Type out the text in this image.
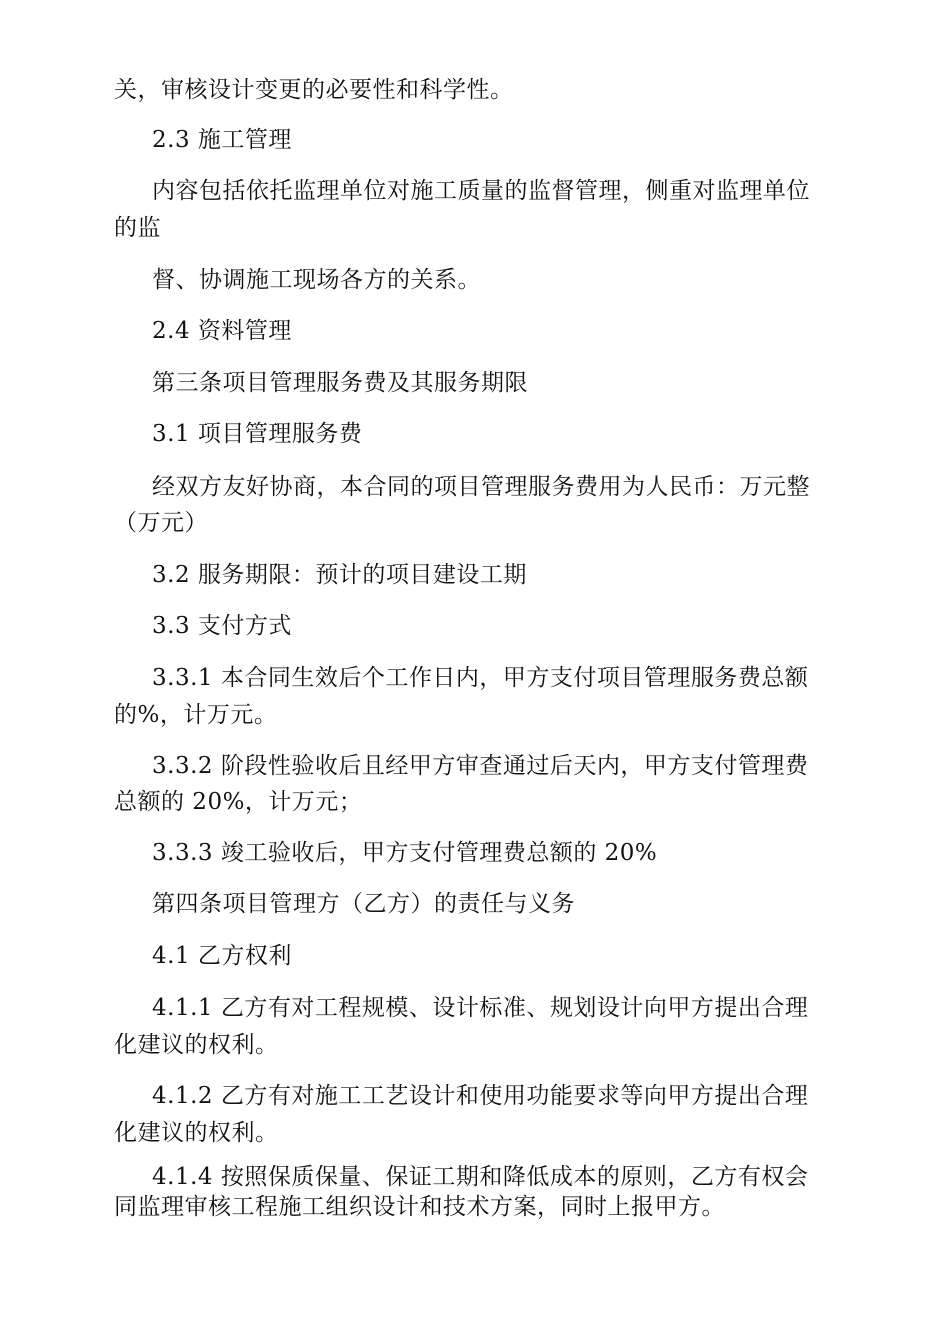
关，审核设计变更的必要性和科学性。

2.3 施工管理

内容包括依托监理单位对施工质量的监督管理，侧重对监理单位

的监

督、协调施工现场各方的关系。

2.4 资料管理

第三条项目管理服务费及其服务期限

3.1 项目管理服务费

经双方友好协商，本合同的项目管理服务费用为人民币：万元整

（万元）

3.2 服务期限：预计的项目建设工期

3.3 支付方式

3.3.1 本合同生效后个工作日内，甲方支付项目管理服务费总额

的%，计万元。

3.3.2 阶段性验收后且经甲方审查通过后天内，甲方支付管理费

总额的 20%，计万元；

3.3.3 竣工验收后，甲方支付管理费总额的 20%

第四条项目管理方（乙方）的责任与义务

4.1 乙方权利

4.1.1 乙方有对工程规模、设计标准、规划设计向甲方提出合理

化建议的权利。

4.1.2 乙方有对施工工艺设计和使用功能要求等向甲方提出合理

化建议的权利。

4.1.4 按照保质保量、保证工期和降低成本的原则，乙方有权会

同监理审核工程施工组织设计和技术方案，同时上报甲方。
